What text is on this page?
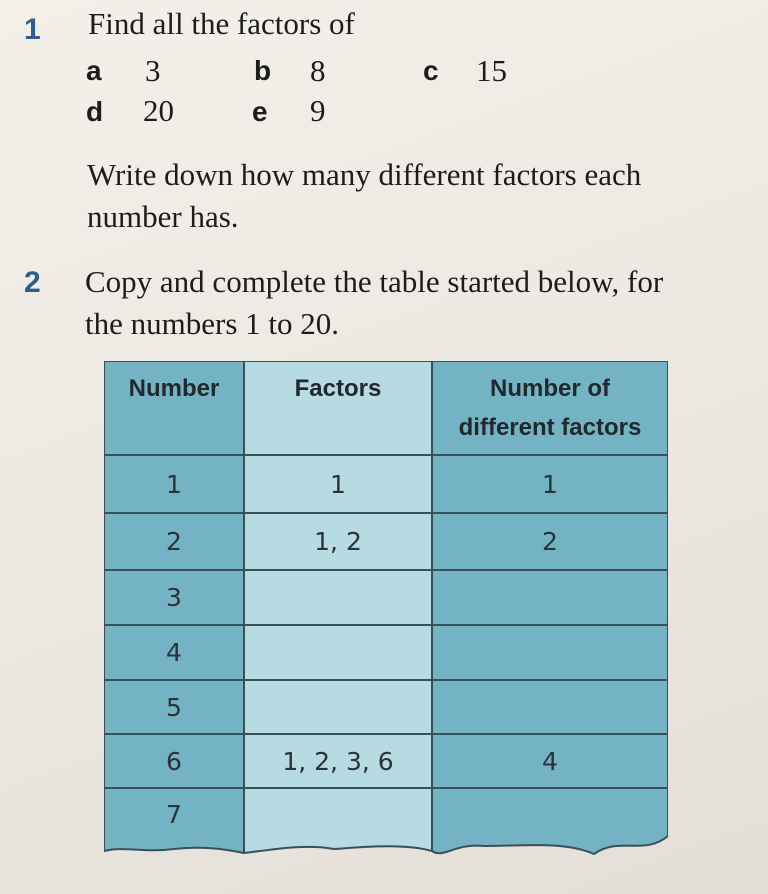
1 Find all the factors of
a 3	b 8	c 15
d 20	e 9
Write down how many different factors each
number has.
2 Copy and complete the table started below, for
the numbers 1 to 20.
Number	Factors	Number of
different factors
1	1	1
2	1, 2	2
3
4
5
6	1, 2, 3, 6	4
7
